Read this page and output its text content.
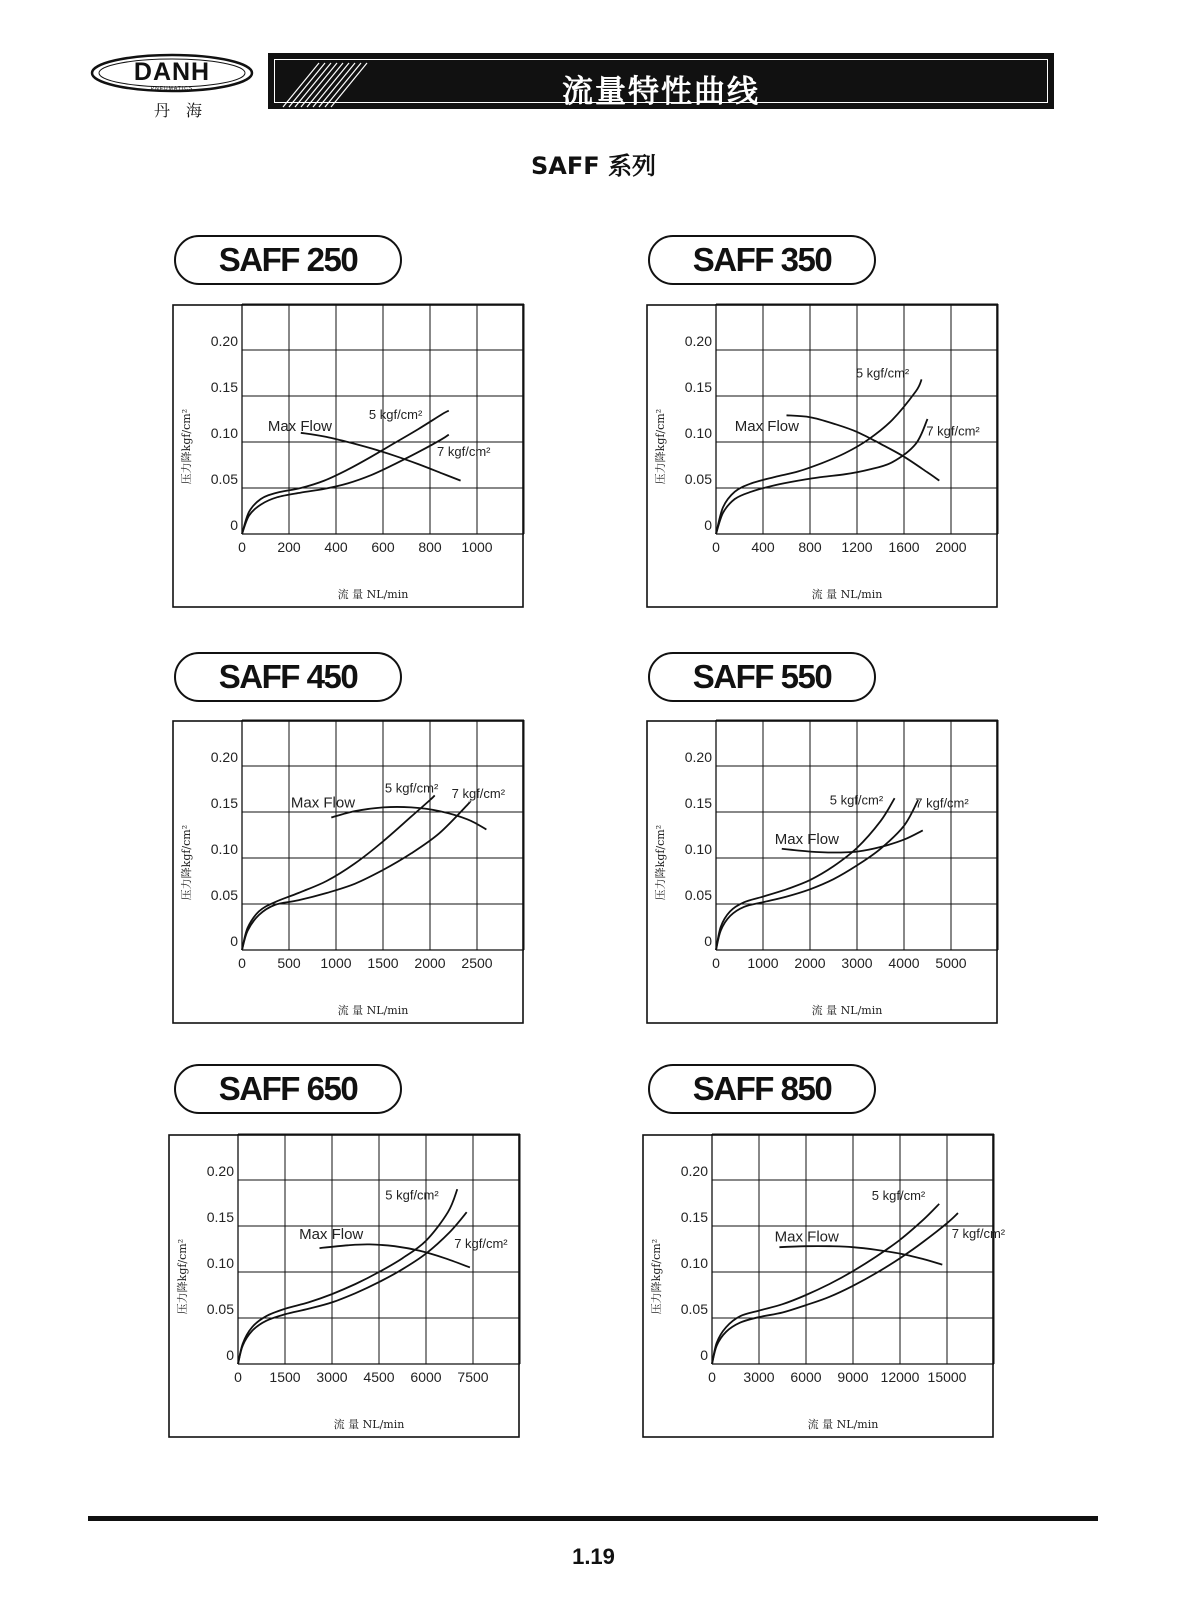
DANH
PNEUMATICS
丹海
流量特性曲线
SAFF 系列
SAFF 250	SAFF 350
SAFF 450	SAFF 550
SAFF 650	SAFF 850
0 200 400 600 800 1000
0
0.05
0.10
0.15
0.20
流 量 NL/min
压力降kgf/cm²	Max Flow
5 kgf/cm²
7 kgf/cm²
0 400 800 1200 1600 2000
0
0.05
0.10
0.15
0.20
流 量 NL/min
压力降kgf/cm²	Max Flow
5 kgf/cm²
7 kgf/cm²
0 500 1000 1500 2000 2500
0
0.05
0.10
0.15
0.20
流 量 NL/min
压力降kgf/cm²
Max Flow
5 kgf/cm² 7 kgf/cm²
0 1000 2000 3000 4000 5000
0
0.05
0.10
0.15
0.20
流 量 NL/min
压力降kgf/cm²	Max Flow
5 kgf/cm² 7 kgf/cm²
0 1500 3000 4500 6000 7500
0
0.05
0.10
0.15
0.20
流 量 NL/min
压力降kgf/cm²
Max Flow
5 kgf/cm²
7 kgf/cm²
0 3000 6000 9000 12000 15000
0
0.05
0.10
0.15
0.20
流 量 NL/min
压力降kgf/cm²
Max Flow
5 kgf/cm²
7 kgf/cm²
1.19
